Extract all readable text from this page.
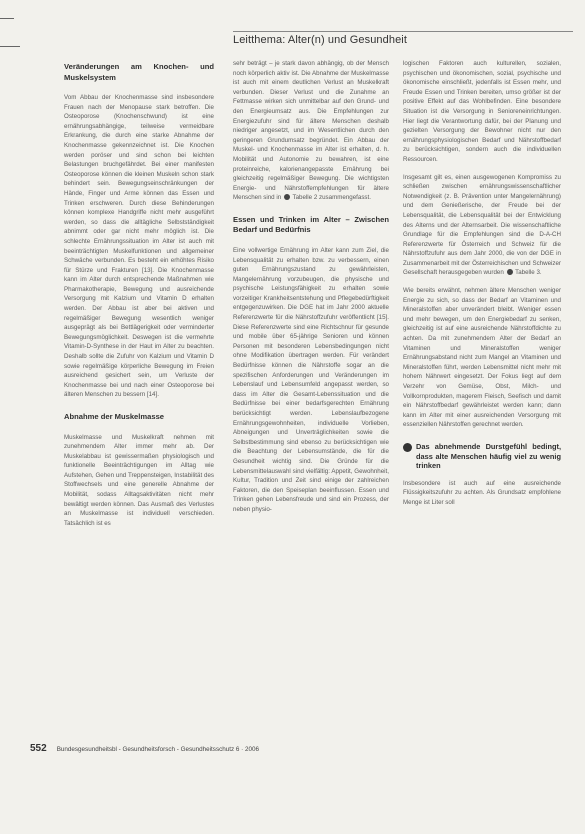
Leitthema: Alter(n) und Gesundheit
Veränderungen am Knochen- und Muskelsystem
Vom Abbau der Knochenmasse sind insbesondere Frauen nach der Menopause stark betroffen. Die Osteoporose (Knochenschwund) ist eine ernährungsabhängige, teilweise vermeidbare Erkrankung, die durch eine starke Abnahme der Knochenmasse gekennzeichnet ist. Die Knochen werden poröser und sind schon bei leichten Belastungen bruchgefährdet. Bei einer manifesten Osteoporose können die kleinen Muskeln schon stark behindert sein. Bewegungseinschränkungen der Hände, Finger und Arme können das Essen und Trinken erschweren. Durch diese Behinderungen können komplexe Handgriffe nicht mehr ausgeführt werden, so dass die alltägliche Selbstständigkeit abnimmt oder gar nicht mehr möglich ist. Die schlechte Ernährungssituation im Alter ist auch mit beeinträchtigten Muskelfunktionen und allgemeiner Schwäche verbunden. Es besteht ein erhöhtes Risiko für Stürze und Frakturen [13]. Die Knochenmasse kann im Alter durch entsprechende Maßnahmen wie Pharmakotherapie, Bewegung und ausreichende Versorgung mit Kalzium und Vitamin D erhalten werden. Der Abbau ist aber bei aktiven und regelmäßiger Bewegung wesentlich weniger ausgeprägt als bei Bettlägerigkeit oder verminderter Bewegungsmöglichkeit. Deswegen ist die vermehrte Vitamin-D-Synthese in der Haut im Alter zu beachten. Deshalb sollte die Zufuhr von Kalzium und Vitamin D sowie regelmäßige körperliche Bewegung im Freien ausreichend gesichert sein, um Verluste der Knochenmasse bei und nach einer Osteoporose bei älteren Menschen zu bessern [14].
Abnahme der Muskelmasse
Muskelmasse und Muskelkraft nehmen mit zunehmendem Alter immer mehr ab. Der Muskelabbau ist gewissermaßen physiologisch und funktionelle Beeinträchtigungen im Alltag wie Aufstehen, Gehen und Treppensteigen, Instabilität des Stoffwechsels und eine generelle Abnahme der Mobilität, sodass Alltagsaktivitäten nicht mehr bewältigt werden können. Das Ausmaß des Verlustes an Muskelmasse ist individuell verschieden. Tatsächlich ist es
sehr beträgt – je stark davon abhängig, ob der Mensch noch körperlich aktiv ist. Die Abnahme der Muskelmasse ist auch mit einem deutlichen Verlust an Muskelkraft verbunden. Dieser Verlust und die Zunahme an Fettmasse wirken sich unmittelbar auf den Grund- und den Energieumsatz aus. Die Empfehlungen zur Energiezufuhr sind für ältere Menschen deshalb niedriger angesetzt, und im Wesentlichen durch den geringeren Grundumsatz begründet. Ein Abbau der Muskel- und Knochenmasse im Alter ist erhalten, d. h. Mobilität und Autonomie zu bewahren, ist eine proteinreiche, kalorienangepasste Ernährung bei gleichzeitig regelmäßiger Bewegung. Die wichtigsten Energie- und Nährstoffempfehlungen für ältere Menschen sind in Tabelle 2 zusammengefasst.
Essen und Trinken im Alter – Zwischen Bedarf und Bedürfnis
Eine vollwertige Ernährung im Alter kann zum Ziel, die Lebensqualität zu erhalten bzw. zu verbessern, einen guten Ernährungszustand zu gewährleisten, Mangelernährung vorzubeugen, die physische und psychische Leistungsfähigkeit zu erhalten sowie vorzeitiger Krankheitsentstehung und Pflegebedürftigkeit entgegenzuwirken. Die DGE hat im Jahr 2000 aktuelle Referenzwerte für die Nährstoffzufuhr veröffentlicht [15]. Diese Referenzwerte sind eine Richtschnur für gesunde und mobile über 65-jährige Senioren und können Personen mit besonderen Lebensbedingungen nicht ohne Modifikation übertragen werden. Für verändert Bedürfnisse können die Nährstoffe sogar an die spezifischen Anforderungen und Veränderungen im Lebenslauf und Lebensumfeld angepasst werden, so dass im Alter die Gesamt-Lebenssituation und die Bedürfnisse bei einer bedarfsgerechten Ernährung berücksichtigt werden. Lebenslaufbezogene Ernährungsgewohnheiten, individuelle Vorlieben, Abneigungen und Unverträglichkeiten sowie die Selbstbestimmung sind ebenso zu berücksichtigen wie die Beachtung der Lebensumstände, die für die Gesundheit wichtig sind. Die Gründe für die Lebensmittelauswahl sind vielfältig: Appetit, Gewohnheit, Kultur, Tradition und Zeit sind einige der zahlreichen Faktoren, die den Speiseplan beeinflussen. Essen und Trinken gehen Lebensfreude und sind ein Prozess, der neben physio-
logischen Faktoren auch kulturellen, sozialen, psychischen und ökonomischen, sozial, psychische und ökonomische einschließt, jedenfalls ist Essen mehr, und Freude Essen und Trinken bereiten, umso größer ist der positive Effekt auf das Wohlbefinden. Eine besondere Situation ist die Versorgung in Senioreneinrichtungen. Hier liegt die Verantwortung dafür, bei der Planung und gezielten Versorgung der Bewohner nicht nur den ernährungsphysiologischen Bedarf und Nährstoffbedarf zu berücksichtigen, sondern auch die individuellen Ressourcen.
Insgesamt gilt es, einen ausgewogenen Kompromiss zu schließen zwischen ernährungswissenschaftlicher Notwendigkeit (z. B. Prävention unter Mangelernährung) und dem Genießerische, der Freude bei der Lebensqualität, die Lebensqualität bei der Entwicklung des Alterns und der Alternsarbeit. Die wissenschaftliche Grundlage für die Empfehlungen sind die D-A-CH Referenzwerte für Österreich und Schweiz für die Nährstoffzufuhr aus dem Jahr 2000, die von der DGE in Zusammenarbeit mit der Österreichischen und Schweizer Gesellschaft herausgegeben wurden Tabelle 3.
Wie bereits erwähnt, nehmen ältere Menschen weniger Energie zu sich, so dass der Bedarf an Vitaminen und Mineralstoffen aber unverändert bleibt. Weniger essen und mehr bewegen, um den Energiebedarf zu senken, gleichzeitig ist auf eine ausreichende Nährstoffdichte zu achten. Da mit zunehmendem Alter der Bedarf an Vitaminen und Mineralstoffen weniger Ernährungsabstand nicht zum Mangel an Vitaminen und Mineralstoffen führt, werden Lebensmittel nicht mehr mit hohem Nährwert eingesetzt. Der Fokus liegt auf dem Verzehr von Gemüse, Obst, Milch- und Vollkornprodukten, magerem Fleisch, Seefisch und damit ein Nährstoffbedarf gewährleistet werden kann; dann kann im Alter mit einer ausreichenden Versorgung mit essenziellen Nährstoffen gerechnet werden.
Das abnehmende Durstgefühl bedingt, dass alte Menschen häufig viel zu wenig trinken
Insbesondere ist auch auf eine ausreichende Flüssigkeitszufuhr zu achten. Als Grundsatz empfohlene Menge ist Liter soll
552 Bundesgesundheitsbl - Gesundheitsforsch - Gesundheitsschutz 6 · 2006
